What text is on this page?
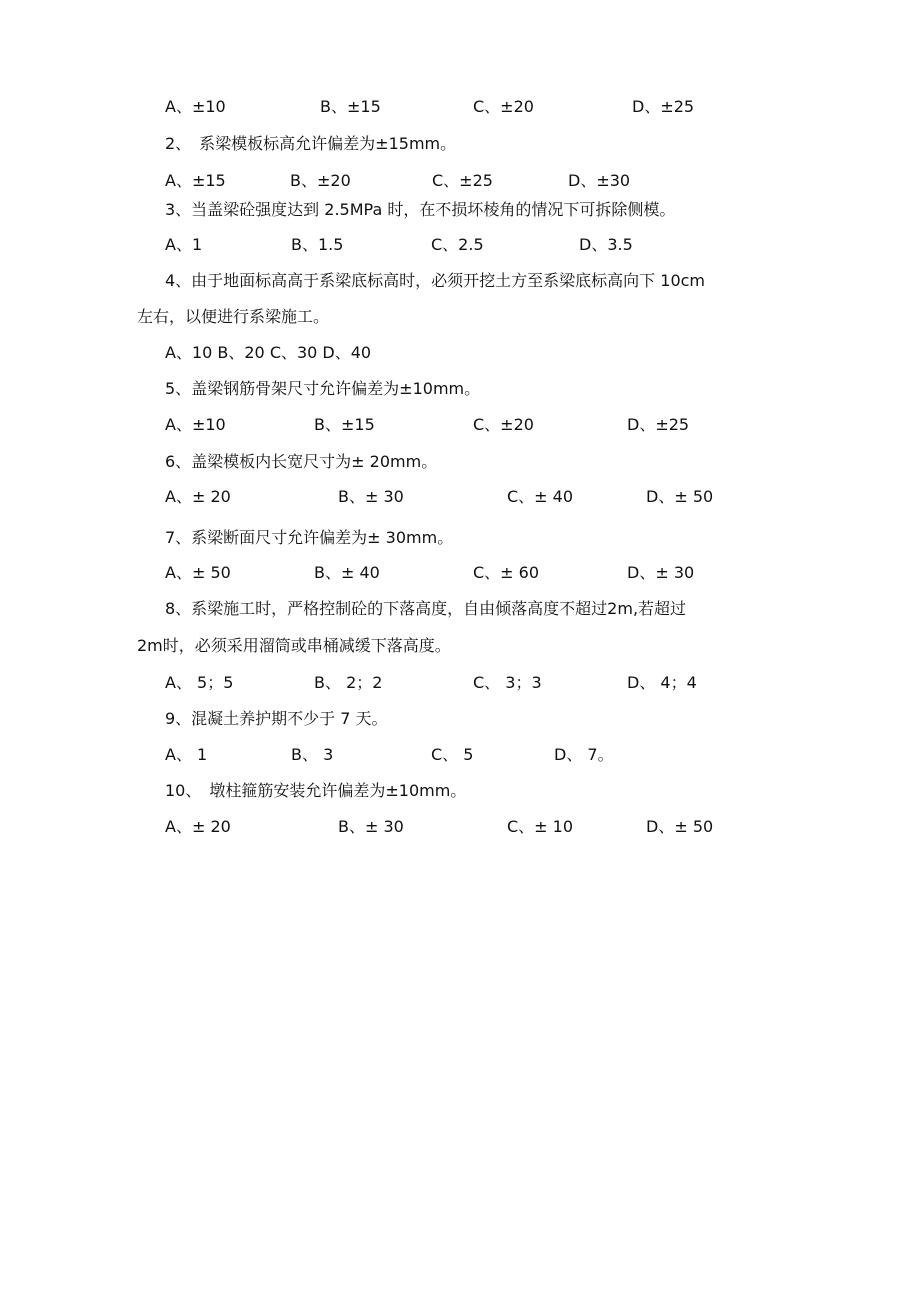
A、±10	B、±15	C、±20	D、±25
2、　系梁模板标高允许偏差为±15mm。
A、±15	B、±20	C、±25	D、±30
3、当盖梁砼强度达到 2.5MPa 时，在不损坏棱角的情况下可拆除侧模。
A、1	B、1.5	C、2.5	D、3.5
4、由于地面标高高于系梁底标高时，必须开挖土方至系梁底标高向下 10cm
左右，以便进行系梁施工。
A、10 B、20 C、30 D、40
5、盖梁钢筋骨架尺寸允许偏差为±10mm。
A、±10	B、±15	C、±20	D、±25
6、盖梁模板内长宽尺寸为± 20mm。
A、± 20	B、± 30	C、± 40	D、± 50
7、系梁断面尺寸允许偏差为± 30mm。
A、± 50	B、± 40	C、± 60	D、± 30
8、系梁施工时，严格控制砼的下落高度，自由倾落高度不超过2m,若超过
2m时，必须采用溜筒或串桶减缓下落高度。
A、 5；5	B、 2；2	C、 3；3	D、 4；4
9、混凝土养护期不少于 7 天。
A、 1	B、 3	C、 5	D、 7。
10、　墩柱箍筋安装允许偏差为±10mm。
A、± 20	B、± 30	C、± 10	D、± 50
